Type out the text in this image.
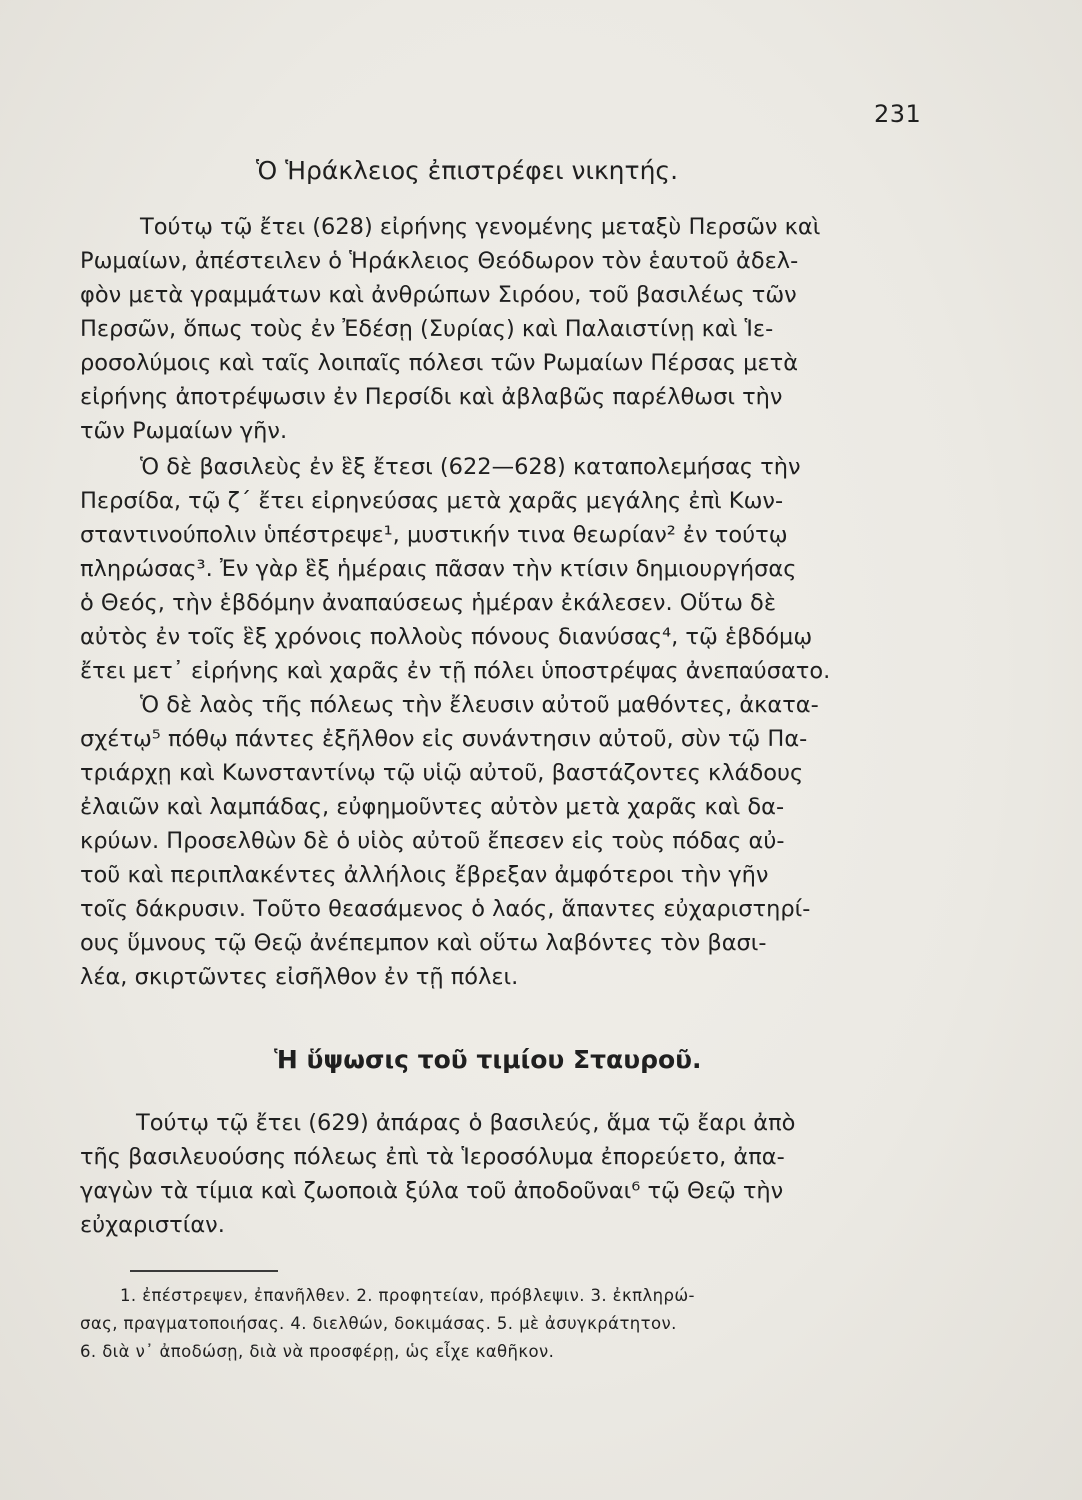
231
Ὁ Ἡράκλειος ἐπιστρέφει νικητής.
Τούτῳ τῷ ἔτει (628) εἰρήνης γενομένης μεταξὺ Περσῶν καὶ
Ρωμαίων, ἀπέστειλεν ὁ Ἡράκλειος Θεόδωρον τὸν ἑαυτοῦ ἀδελ-
φὸν μετὰ γραμμάτων καὶ ἀνθρώπων Σιρόου, τοῦ βασιλέως τῶν
Περσῶν, ὅπως τοὺς ἐν Ἐδέσῃ (Συρίας) καὶ Παλαιστίνῃ καὶ Ἱε-
ροσολύμοις καὶ ταῖς λοιπαῖς πόλεσι τῶν Ρωμαίων Πέρσας μετὰ
εἰρήνης ἀποτρέψωσιν ἐν Περσίδι καὶ ἀβλαβῶς παρέλθωσι τὴν
τῶν Ρωμαίων γῆν.
Ὁ δὲ βασιλεὺς ἐν ἓξ ἔτεσι (622—628) καταπολεμήσας τὴν
Περσίδα, τῷ ζ´ ἔτει εἰρηνεύσας μετὰ χαρᾶς μεγάλης ἐπὶ Κων-
σταντινούπολιν ὑπέστρεψε¹, μυστικήν τινα θεωρίαν² ἐν τούτῳ
πληρώσας³. Ἐν γὰρ ἓξ ἡμέραις πᾶσαν τὴν κτίσιν δημιουργήσας
ὁ Θεός, τὴν ἑβδόμην ἀναπαύσεως ἡμέραν ἐκάλεσεν. Οὕτω δὲ
αὐτὸς ἐν τοῖς ἓξ χρόνοις πολλοὺς πόνους διανύσας⁴, τῷ ἑβδόμῳ
ἔτει μετ᾽ εἰρήνης καὶ χαρᾶς ἐν τῇ πόλει ὑποστρέψας ἀνεπαύσατο.
Ὁ δὲ λαὸς τῆς πόλεως τὴν ἔλευσιν αὐτοῦ μαθόντες, ἀκατα-
σχέτῳ⁵ πόθῳ πάντες ἐξῆλθον εἰς συνάντησιν αὐτοῦ, σὺν τῷ Πα-
τριάρχῃ καὶ Κωνσταντίνῳ τῷ υἱῷ αὐτοῦ, βαστάζοντες κλάδους
ἐλαιῶν καὶ λαμπάδας, εὐφημοῦντες αὐτὸν μετὰ χαρᾶς καὶ δα-
κρύων. Προσελθὼν δὲ ὁ υἱὸς αὐτοῦ ἔπεσεν εἰς τοὺς πόδας αὐ-
τοῦ καὶ περιπλακέντες ἀλλήλοις ἔβρεξαν ἀμφότεροι τὴν γῆν
τοῖς δάκρυσιν. Τοῦτο θεασάμενος ὁ λαός, ἅπαντες εὐχαριστηρί-
ους ὕμνους τῷ Θεῷ ἀνέπεμπον καὶ οὕτω λαβόντες τὸν βασι-
λέα, σκιρτῶντες εἰσῆλθον ἐν τῇ πόλει.
Ἡ ὕψωσις τοῦ τιμίου Σταυροῦ.
Τούτῳ τῷ ἔτει (629) ἀπάρας ὁ βασιλεύς, ἅμα τῷ ἔαρι ἀπὸ
τῆς βασιλευούσης πόλεως ἐπὶ τὰ Ἱεροσόλυμα ἐπορεύετο, ἀπα-
γαγὼν τὰ τίμια καὶ ζωοποιὰ ξύλα τοῦ ἀποδοῦναι⁶ τῷ Θεῷ τὴν
εὐχαριστίαν.
1. ἐπέστρεψεν, ἐπανῆλθεν. 2. προφητείαν, πρόβλεψιν. 3. ἐκπληρώ-
σας, πραγματοποιήσας. 4. διελθών, δοκιμάσας. 5. μὲ ἀσυγκράτητον.
6. διὰ ν᾽ ἀποδώσῃ, διὰ νὰ προσφέρῃ, ὡς εἶχε καθῆκον.
